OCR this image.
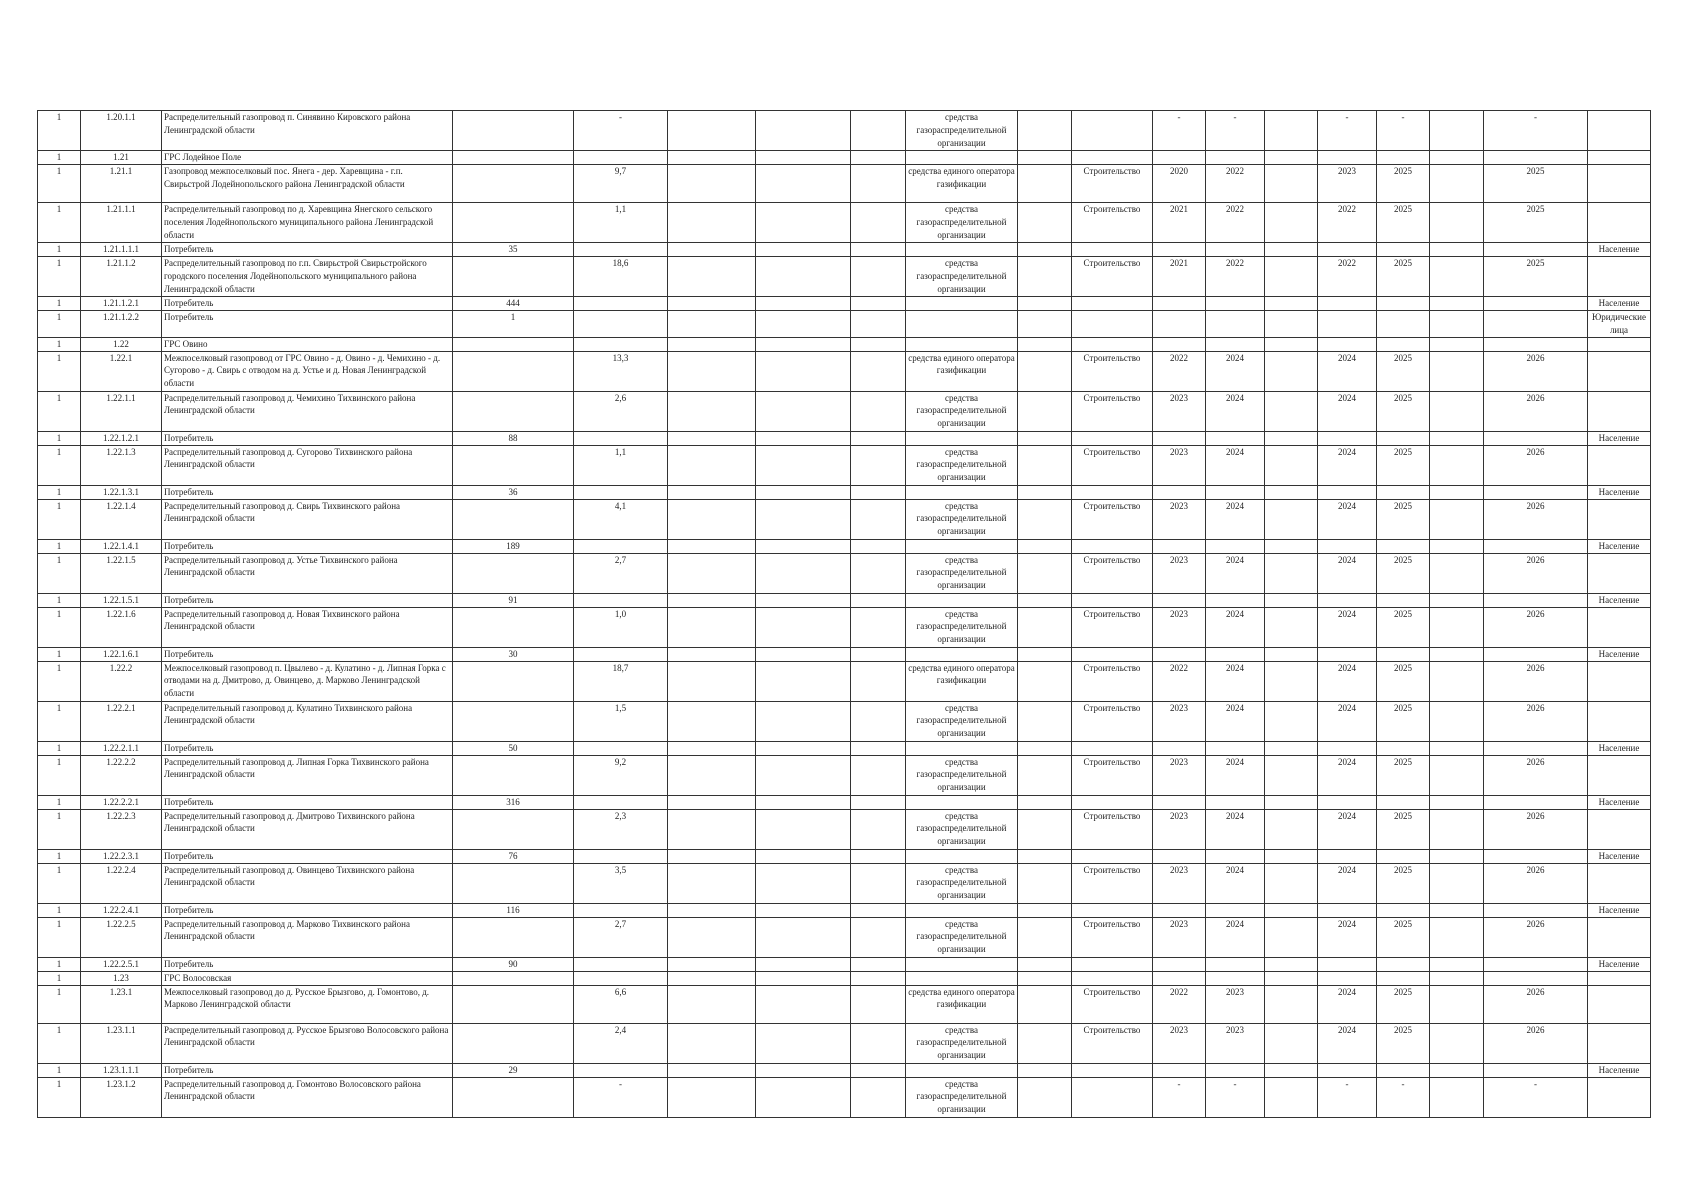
1	1.20.1.1	Распределительный газопровод п. Синявино Кировского района Ленинградской области		-				средства газораспределительной организации			-	-		-	-		-	
1	1.21	ГРС Лодейное Поле																
1	1.21.1	Газопровод межпоселковый пос. Янега - дер. Харевщина - г.п. Свирьстрой Лодейнопольского района Ленинградской области		9,7				средства единого оператора газификации		Строительство	2020	2022		2023	2025		2025	
1	1.21.1.1	Распределительный газопровод по д. Харевщина Янегского сельского поселения Лодейнопольского муниципального района Ленинградской области		1,1				средства газораспределительной организации		Строительство	2021	2022		2022	2025		2025	
1	1.21.1.1.1	Потребитель	35															Население
1	1.21.1.2	Распределительный газопровод по г.п. Свирьстрой Свирьстройского городского поселения Лодейнопольского муниципального района Ленинградской области		18,6				средства газораспределительной организации		Строительство	2021	2022		2022	2025		2025	
1	1.21.1.2.1	Потребитель	444															Население
1	1.21.1.2.2	Потребитель	1															Юридические лица
1	1.22	ГРС Овино																
1	1.22.1	Межпоселковый газопровод от ГРС Овино - д. Овино - д. Чемихино - д. Сугорово - д. Свирь с отводом на д. Устье и д. Новая Ленинградской области		13,3				средства единого оператора газификации		Строительство	2022	2024		2024	2025		2026	
1	1.22.1.1	Распределительный газопровод д. Чемихино Тихвинского района Ленинградской области		2,6				средства газораспределительной организации		Строительство	2023	2024		2024	2025		2026	
1	1.22.1.2.1	Потребитель	88															Население
1	1.22.1.3	Распределительный газопровод д. Сугорово Тихвинского района Ленинградской области		1,1				средства газораспределительной организации		Строительство	2023	2024		2024	2025		2026	
1	1.22.1.3.1	Потребитель	36															Население
1	1.22.1.4	Распределительный газопровод д. Свирь Тихвинского района Ленинградской области		4,1				средства газораспределительной организации		Строительство	2023	2024		2024	2025		2026	
1	1.22.1.4.1	Потребитель	189															Население
1	1.22.1.5	Распределительный газопровод д. Устье Тихвинского района Ленинградской области		2,7				средства газораспределительной организации		Строительство	2023	2024		2024	2025		2026	
1	1.22.1.5.1	Потребитель	91															Население
1	1.22.1.6	Распределительный газопровод д. Новая Тихвинского района Ленинградской области		1,0				средства газораспределительной организации		Строительство	2023	2024		2024	2025		2026	
1	1.22.1.6.1	Потребитель	30															Население
1	1.22.2	Межпоселковый газопровод п. Цвылево - д. Кулатино - д. Липная Горка с отводами на д. Дмитрово, д. Овинцево, д. Марково Ленинградской области		18,7				средства единого оператора газификации		Строительство	2022	2024		2024	2025		2026	
1	1.22.2.1	Распределительный газопровод д. Кулатино Тихвинского района Ленинградской области		1,5				средства газораспределительной организации		Строительство	2023	2024		2024	2025		2026	
1	1.22.2.1.1	Потребитель	50															Население
1	1.22.2.2	Распределительный газопровод д. Липная Горка Тихвинского района Ленинградской области		9,2				средства газораспределительной организации		Строительство	2023	2024		2024	2025		2026	
1	1.22.2.2.1	Потребитель	316															Население
1	1.22.2.3	Распределительный газопровод д. Дмитрово Тихвинского района Ленинградской области		2,3				средства газораспределительной организации		Строительство	2023	2024		2024	2025		2026	
1	1.22.2.3.1	Потребитель	76															Население
1	1.22.2.4	Распределительный газопровод д. Овинцево Тихвинского района Ленинградской области		3,5				средства газораспределительной организации		Строительство	2023	2024		2024	2025		2026	
1	1.22.2.4.1	Потребитель	116															Население
1	1.22.2.5	Распределительный газопровод д. Марково Тихвинского района Ленинградской области		2,7				средства газораспределительной организации		Строительство	2023	2024		2024	2025		2026	
1	1.22.2.5.1	Потребитель	90															Население
1	1.23	ГРС Волосовская																
1	1.23.1	Межпоселковый газопровод до д. Русское Брызгово, д. Гомонтово, д. Марково Ленинградской области		6,6				средства единого оператора газификации		Строительство	2022	2023		2024	2025		2026	
1	1.23.1.1	Распределительный газопровод д. Русское Брызгово Волосовского района Ленинградской области		2,4				средства газораспределительной организации		Строительство	2023	2023		2024	2025		2026	
1	1.23.1.1.1	Потребитель	29															Население
1	1.23.1.2	Распределительный газопровод д. Гомонтово Волосовского района Ленинградской области		-				средства газораспределительной организации			-	-		-	-		-	
